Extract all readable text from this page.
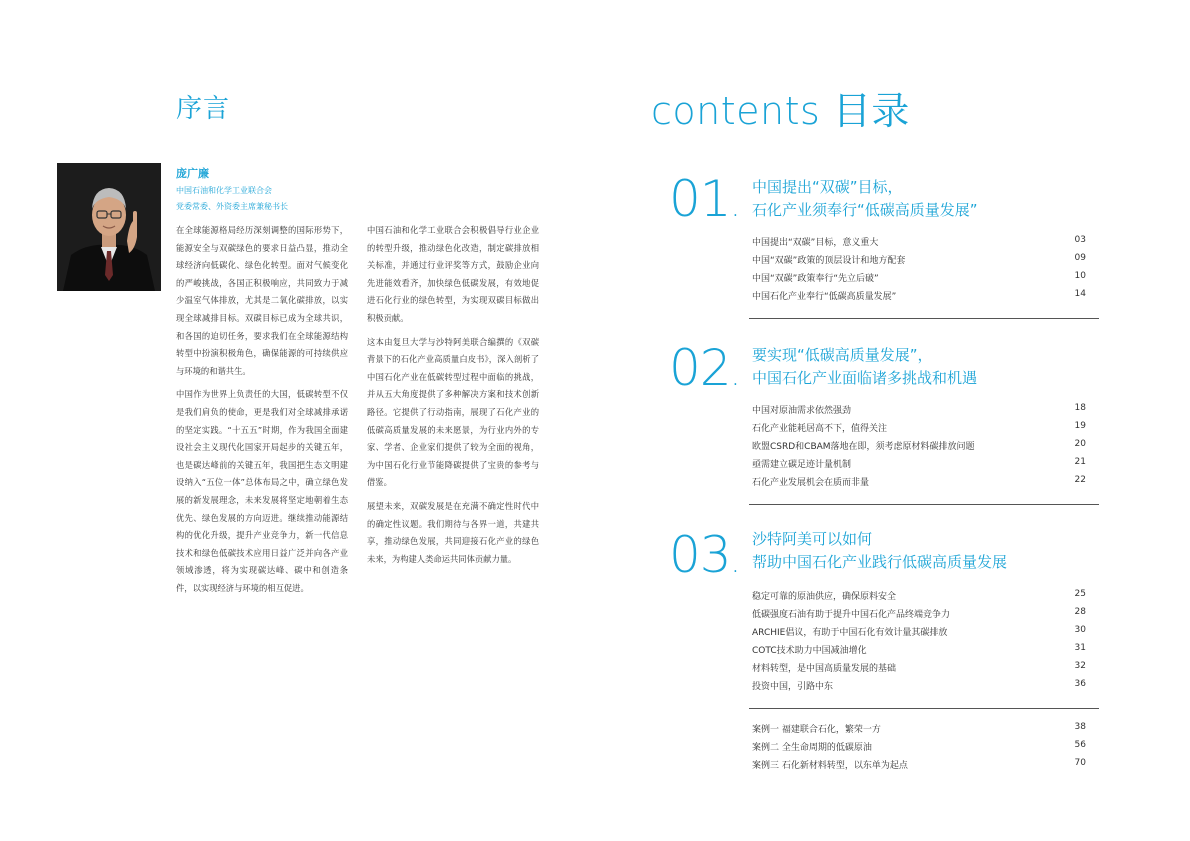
序言
庞广廉
中国石油和化学工业联合会
党委常委、外资委主席兼秘书长

在全球能源格局经历深刻调整的国际形势下，能源安全与双碳绿色的要求日益凸显，推动全球经济向低碳化、绿色化转型。面对气候变化的严峻挑战，各国正积极响应，共同致力于减少温室气体排放，尤其是二氧化碳排放，以实现全球减排目标。双碳目标已成为全球共识，和各国的迫切任务，要求我们在全球能源结构转型中扮演积极角色，确保能源的可持续供应与环境的和谐共生。

中国作为世界上负责任的大国，低碳转型不仅是我们肩负的使命，更是我们对全球减排承诺的坚定实践。“十五五”时期，作为我国全面建设社会主义现代化国家开局起步的关键五年，也是碳达峰前的关键五年，我国把生态文明建设纳入“五位一体”总体布局之中，确立绿色发展的新发展理念，未来发展将坚定地朝着生态优先、绿色发展的方向迈进。继续推动能源结构的优化升级，提升产业竞争力，新一代信息技术和绿色低碳技术应用日益广泛并向各产业领域渗透，将为实现碳达峰、碳中和创造条件，以实现经济与环境的相互促进。

中国石油和化学工业联合会积极倡导行业企业的转型升级，推动绿色化改造，制定碳排放相关标准，并通过行业评奖等方式，鼓励企业向先进能效看齐，加快绿色低碳发展，有效地促进石化行业的绿色转型，为实现双碳目标做出积极贡献。

这本由复旦大学与沙特阿美联合编撰的《双碳背景下的石化产业高质量白皮书》，深入剖析了中国石化产业在低碳转型过程中面临的挑战，并从五大角度提供了多种解决方案和技术创新路径。它提供了行动指南，展现了石化产业的低碳高质量发展的未来愿景，为行业内外的专家、学者、企业家们提供了较为全面的视角，为中国石化行业节能降碳提供了宝贵的参考与借鉴。

展望未来，双碳发展是在充满不确定性时代中的确定性议题。我们期待与各界一道，共建共享，推动绿色发展，共同迎接石化产业的绿色未来，为构建人类命运共同体贡献力量。

contents 目录
01.
中国提出“双碳”目标，
石化产业须奉行“低碳高质量发展”
中国提出“双碳”目标，意义重大	03
中国“双碳”政策的顶层设计和地方配套	09
中国“双碳”政策奉行“先立后破”	10
中国石化产业奉行“低碳高质量发展”	14
02.
要实现“低碳高质量发展”，
中国石化产业面临诸多挑战和机遇
中国对原油需求依然强劲	18
石化产业能耗居高不下，值得关注	19
欧盟CSRD和CBAM落地在即，须考虑原材料碳排放问题	20
亟需建立碳足迹计量机制	21
石化产业发展机会在质而非量	22
03.
沙特阿美可以如何
帮助中国石化产业践行低碳高质量发展
稳定可靠的原油供应，确保原料安全	25
低碳强度石油有助于提升中国石化产品终端竞争力	28
ARCHIE倡议，有助于中国石化有效计量其碳排放	30
COTC技术助力中国减油增化	31
材料转型，是中国高质量发展的基础	32
投资中国，引路中东	36
案例一 福建联合石化，繁荣一方	38
案例二 全生命周期的低碳原油	56
案例三 石化新材料转型，以东单为起点	70
